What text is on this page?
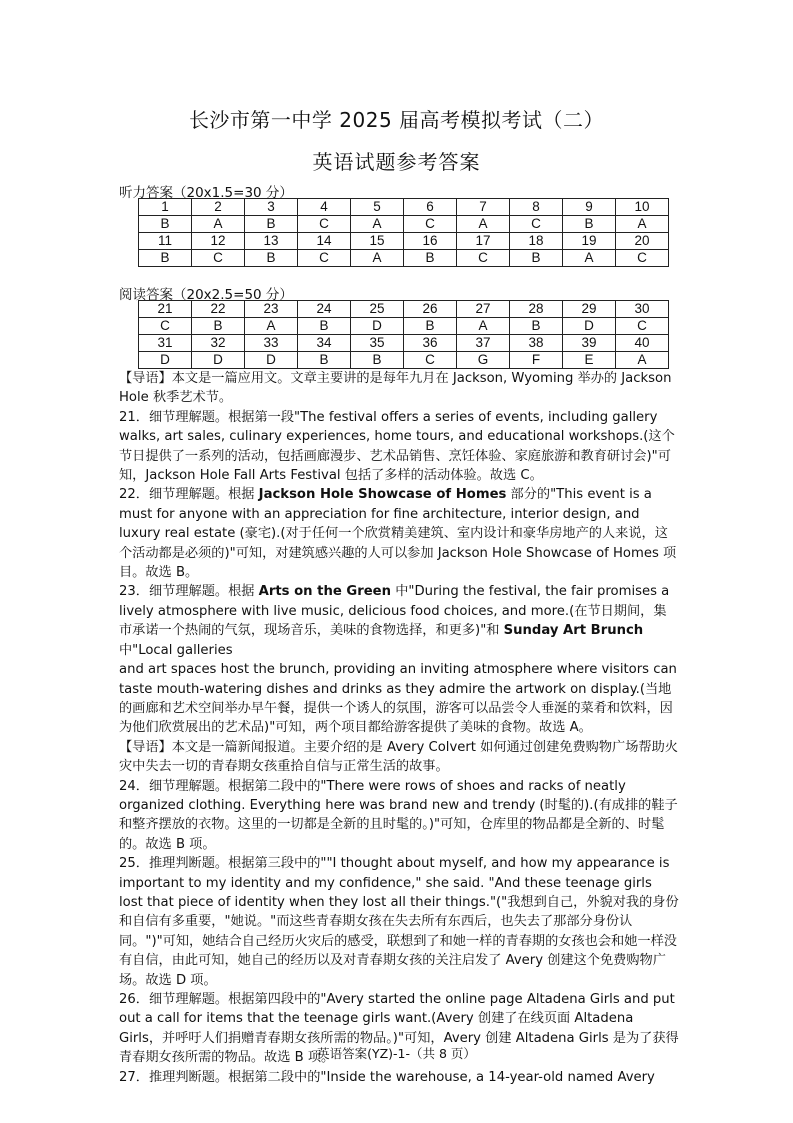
长沙市第一中学 2025 届高考模拟考试（二）
英语试题参考答案
听力答案（20x1.5=30 分）
1	2	3	4	5	6	7	8	9	10
B	A	B	C	A	C	A	C	B	A
11	12	13	14	15	16	17	18	19	20
B	C	B	C	A	B	C	B	A	C
阅读答案（20x2.5=50 分）
21	22	23	24	25	26	27	28	29	30
C	B	A	B	D	B	A	B	D	C
31	32	33	34	35	36	37	38	39	40
D	D	D	B	B	C	G	F	E	A

【导语】本文是一篇应用文。文章主要讲的是每年九月在 Jackson, Wyoming 举办的 Jackson Hole 秋季艺术节。

21．细节理解题。根据第一段"The festival offers a series of events, including gallery walks, art sales, culinary experiences, home tours, and educational workshops.(这个节日提供了一系列的活动，包括画廊漫步、艺术品销售、烹饪体验、家庭旅游和教育研讨会)"可知，Jackson Hole Fall Arts Festival 包括了多样的活动体验。故选 C。

22．细节理解题。根据 Jackson Hole Showcase of Homes 部分的"This event is a must for anyone with an appreciation for fine architecture, interior design, and luxury real estate (豪宅).(对于任何一个欣赏精美建筑、室内设计和豪华房地产的人来说，这个活动都是必须的)"可知，对建筑感兴趣的人可以参加 Jackson Hole Showcase of Homes 项目。故选 B。

23．细节理解题。根据 Arts on the Green 中"During the festival, the fair promises a lively atmosphere with live music, delicious food choices, and more.(在节日期间，集市承诺一个热闹的气氛，现场音乐，美味的食物选择，和更多)"和 Sunday Art Brunch 中"Local galleries

and art spaces host the brunch, providing an inviting atmosphere where visitors can taste mouth-watering dishes and drinks as they admire the artwork on display.(当地的画廊和艺术空间举办早午餐，提供一个诱人的氛围，游客可以品尝令人垂涎的菜肴和饮料，因为他们欣赏展出的艺术品)"可知，两个项目都给游客提供了美味的食物。故选 A。

【导语】本文是一篇新闻报道。主要介绍的是 Avery Colvert 如何通过创建免费购物广场帮助火灾中失去一切的青春期女孩重拾自信与正常生活的故事。

24．细节理解题。根据第二段中的"There were rows of shoes and racks of neatly organized clothing. Everything here was brand new and trendy (时髦的).(有成排的鞋子和整齐摆放的衣物。这里的一切都是全新的且时髦的。)"可知，仓库里的物品都是全新的、时髦的。故选 B 项。

25．推理判断题。根据第三段中的""I thought about myself, and how my appearance is important to my identity and my confidence," she said. "And these teenage girls lost that piece of identity when they lost all their things."("我想到自己，外貌对我的身份和自信有多重要，"她说。"而这些青春期女孩在失去所有东西后，也失去了那部分身份认同。")"可知，她结合自己经历火灾后的感受，联想到了和她一样的青春期的女孩也会和她一样没有自信，由此可知，她自己的经历以及对青春期女孩的关注启发了 Avery 创建这个免费购物广场。故选 D 项。

26．细节理解题。根据第四段中的"Avery started the online page Altadena Girls and put out a call for items that the teenage girls want.(Avery 创建了在线页面 Altadena Girls，并呼吁人们捐赠青春期女孩所需的物品。)"可知，Avery 创建 Altadena Girls 是为了获得青春期女孩所需的物品。故选 B 项。

27．推理判断题。根据第二段中的"Inside the warehouse, a 14-year-old named Avery

英语答案(YZ)-1-（共 8 页）
